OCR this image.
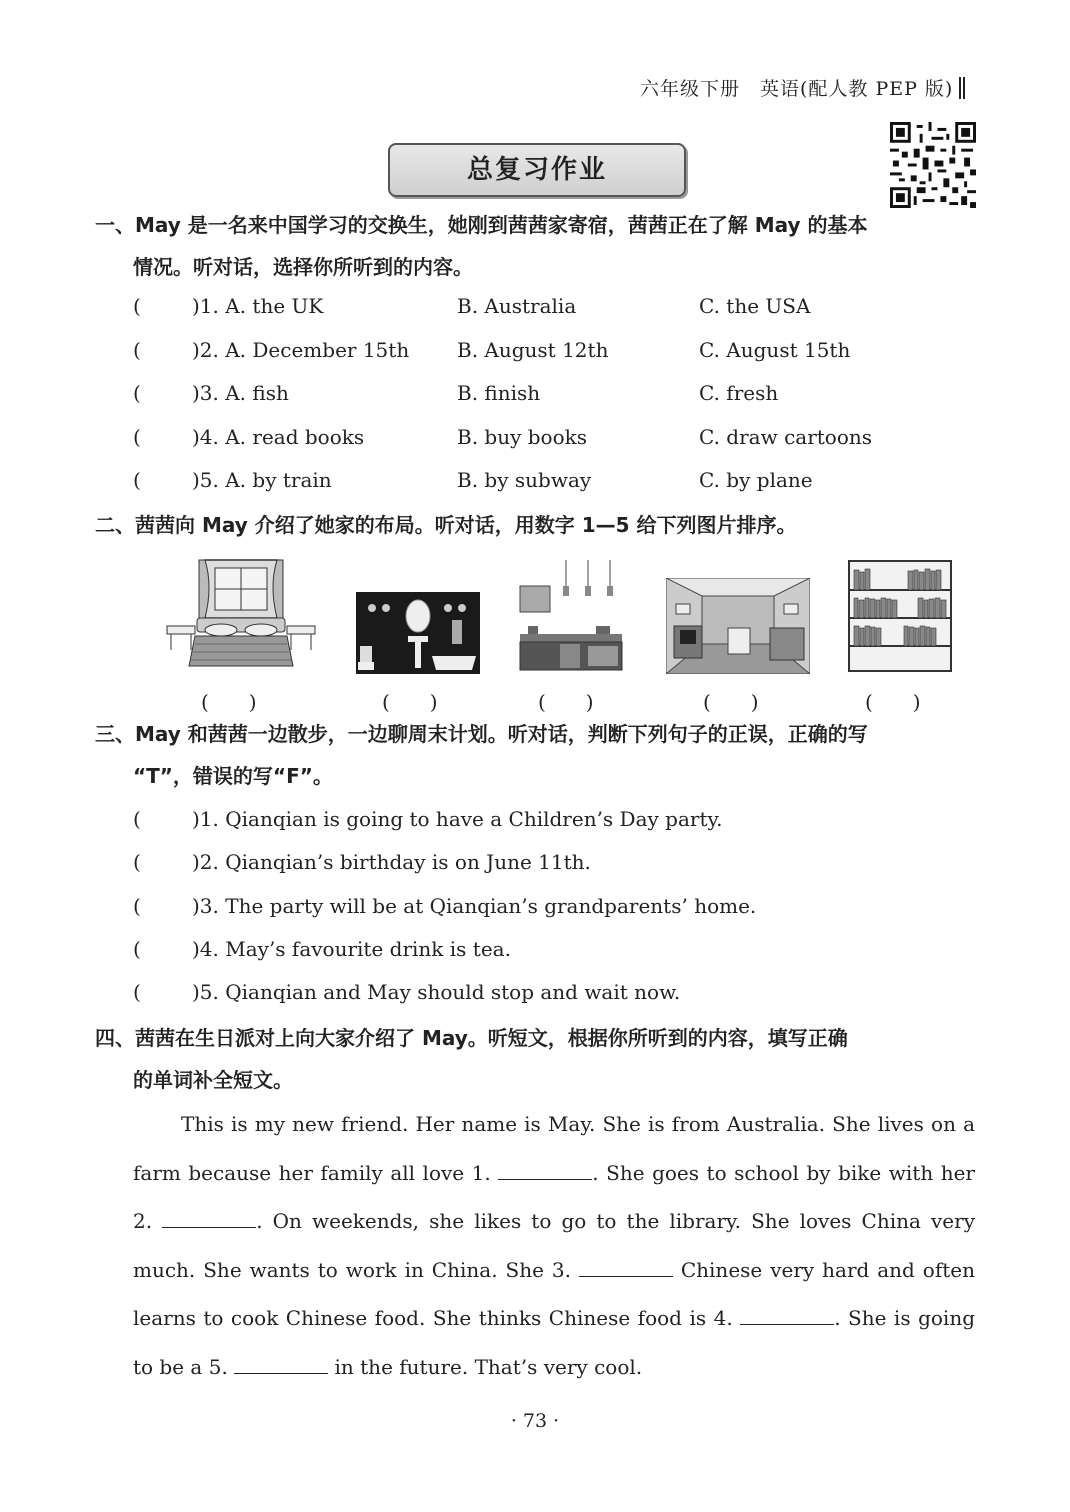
六年级下册　英语(配人教 PEP 版)
总复习作业
一、May 是一名来中国学习的交换生，她刚到茜茜家寄宿，茜茜正在了解 May 的基本
情况。听对话，选择你所听到的内容。
(	)1. A. the UK	B. Australia	C. the USA
(	)2. A. December 15th B. August 12th	C. August 15th
(	)3. A. fish	B. finish	C. fresh
(	)4. A. read books	B. buy books	C. draw cartoons
(	)5. A. by train	B. by subway	C. by plane
二、茜茜向 May 介绍了她家的布局。听对话，用数字 1—5 给下列图片排序。
(　　)	(　　)	(　　)	(　　)	(　　)
三、May 和茜茜一边散步，一边聊周末计划。听对话，判断下列句子的正误，正确的写
“T”，错误的写“F”。
(	)1. Qianqian is going to have a Children’s Day party.
(	)2. Qianqian’s birthday is on June 11th.
(	)3. The party will be at Qianqian’s grandparents’ home.
(	)4. May’s favourite drink is tea.
(	)5. Qianqian and May should stop and wait now.
四、茜茜在生日派对上向大家介绍了 May。听短文，根据你所听到的内容，填写正确
的单词补全短文。
This is my new friend. Her name is May. She is from Australia. She lives on a farm because her family all love 1.	. She goes to school by bike with her 2.	. On weekends, she likes to go to the library. She loves China very much. She wants to work in China. She 3.	Chinese very hard and often learns to cook Chinese food. She thinks Chinese food is 4.	. She is going to be a 5.	in the future. That’s very cool.
· 73 ·
